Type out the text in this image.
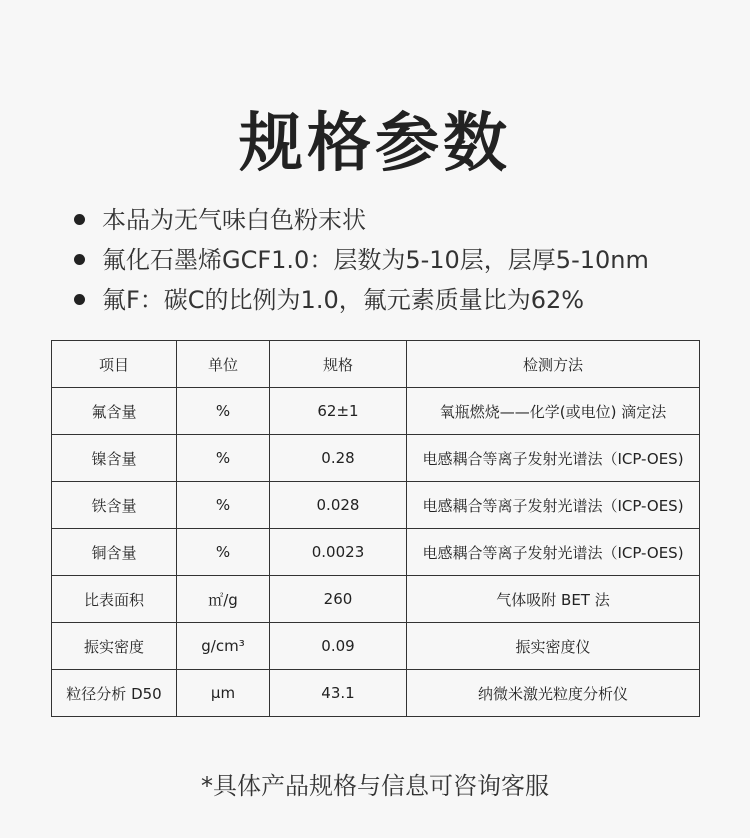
规格参数
本品为无气味白色粉末状
氟化石墨烯GCF1.0：层数为5-10层，层厚5-10nm
氟F：碳C的比例为1.0，氟元素质量比为62%
项目	单位	规格	检测方法
氟含量	%	62±1	氧瓶燃烧——化学(或电位) 滴定法
镍含量	%	0.28	电感耦合等离子发射光谱法（ICP-OES)
铁含量	%	0.028	电感耦合等离子发射光谱法（ICP-OES)
铜含量	%	0.0023	电感耦合等离子发射光谱法（ICP-OES)
比表面积	㎡/g	260	气体吸附 BET 法
振实密度	g/cm³	0.09	振实密度仪
粒径分析 D50	μm	43.1	纳微米激光粒度分析仪
*具体产品规格与信息可咨询客服
